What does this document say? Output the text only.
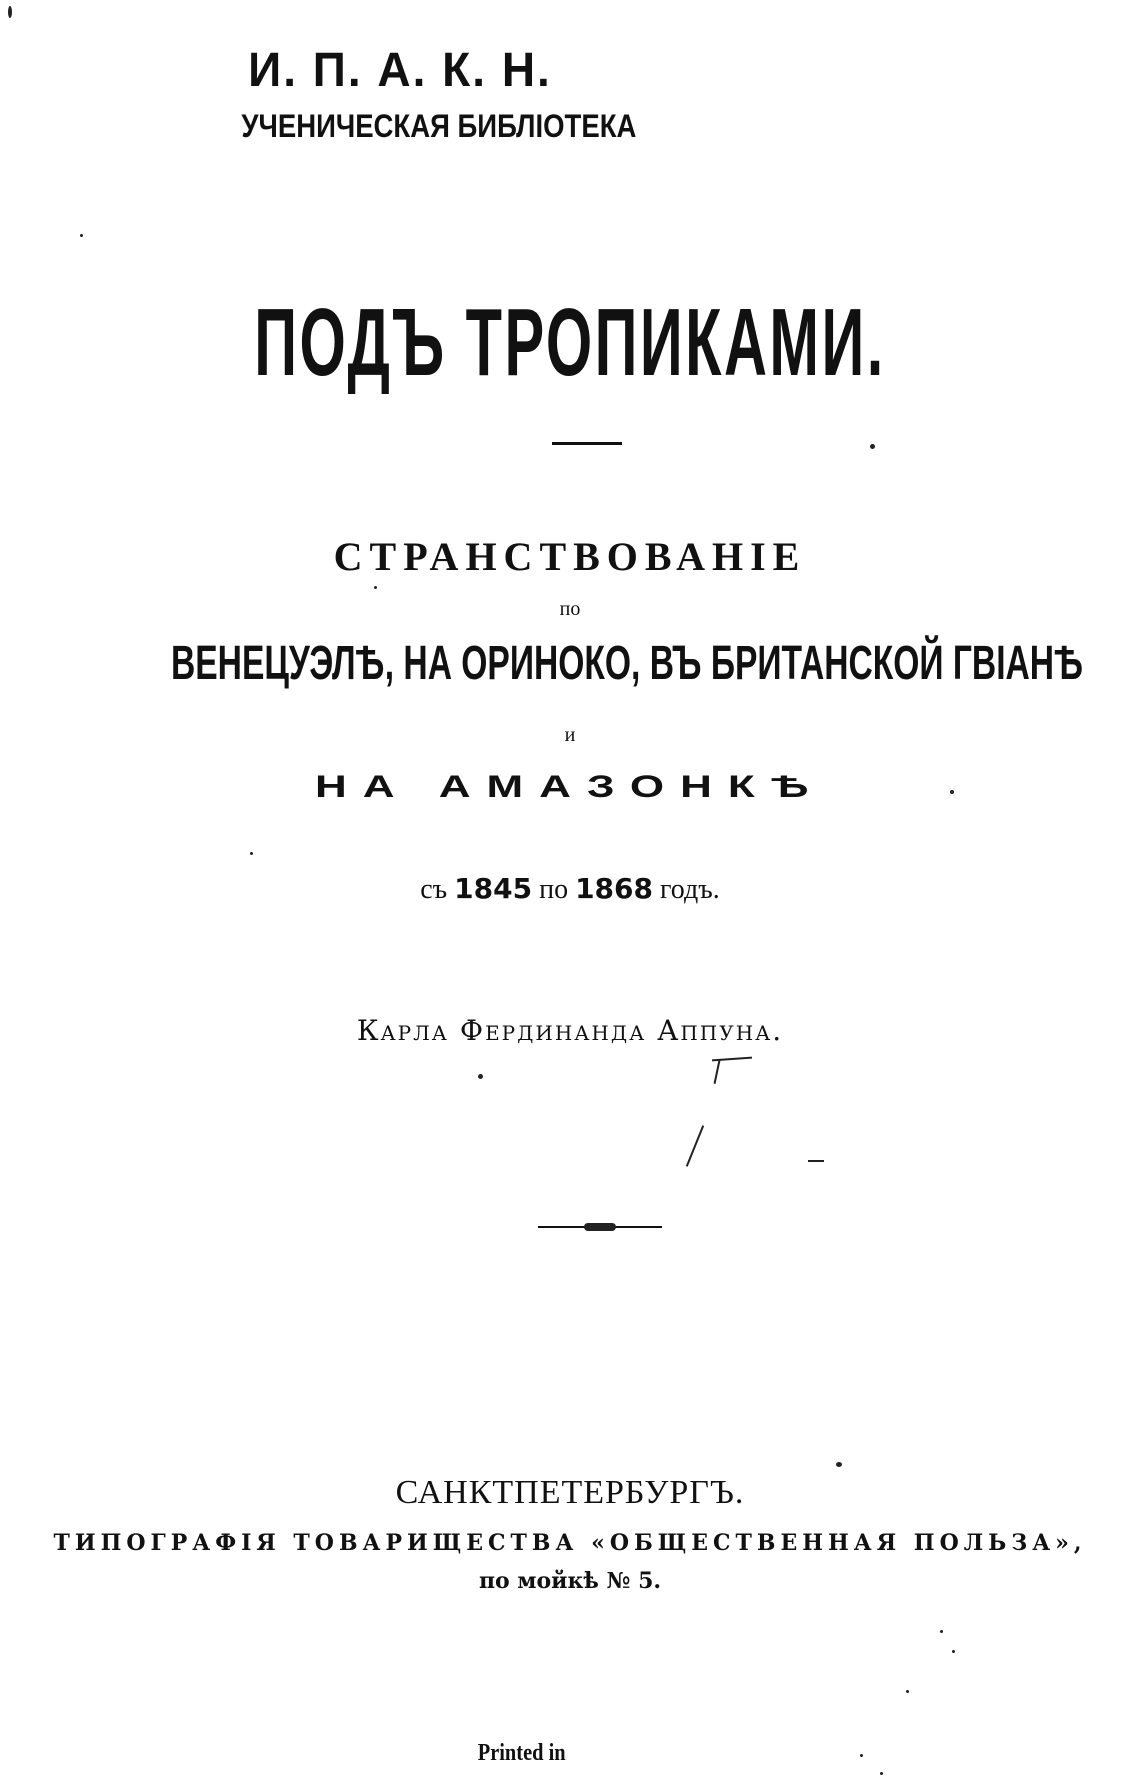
И. П. А. К. Н.
УЧЕНИЧЕСКАЯ БИБЛІОТЕКА
ПОДЪ ТРОПИКАМИ.
СТРАНСТВОВАНІЕ
по
ВЕНЕЦУЭЛѢ, НА ОРИНОКО, ВЪ БРИТАНСКОЙ ГВІАНѢ
и
НА АМАЗОНКѢ
съ 1845 по 1868 годъ.
Карла Фердинанда Аппуна.
САНКТПЕТЕРБУРГЪ.
ТИПОГРАФІЯ ТОВАРИЩЕСТВА «ОБЩЕСТВЕННАЯ ПОЛЬЗА»,
по мойкѣ № 5.
Printed in
